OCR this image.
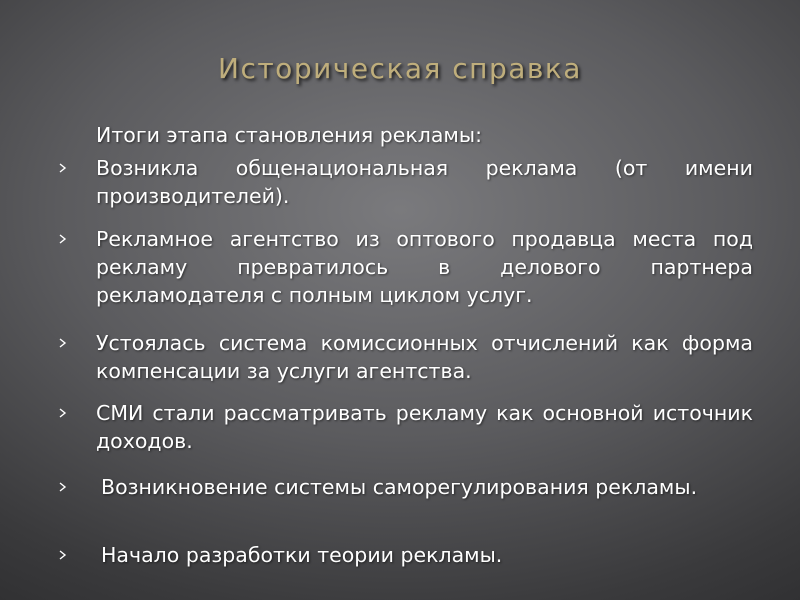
Историческая справка
Итоги этапа становления рекламы:
Возникла общенациональная реклама (от имени производителей).
Рекламное агентство из оптового продавца места под рекламу превратилось в делового партнера рекламодателя с полным циклом услуг.
Устоялась система комиссионных отчислений как форма компенсации за услуги агентства.
СМИ стали рассматривать рекламу как основной источник доходов.
Возникновение системы саморегулирования рекламы.
Начало разработки теории рекламы.
